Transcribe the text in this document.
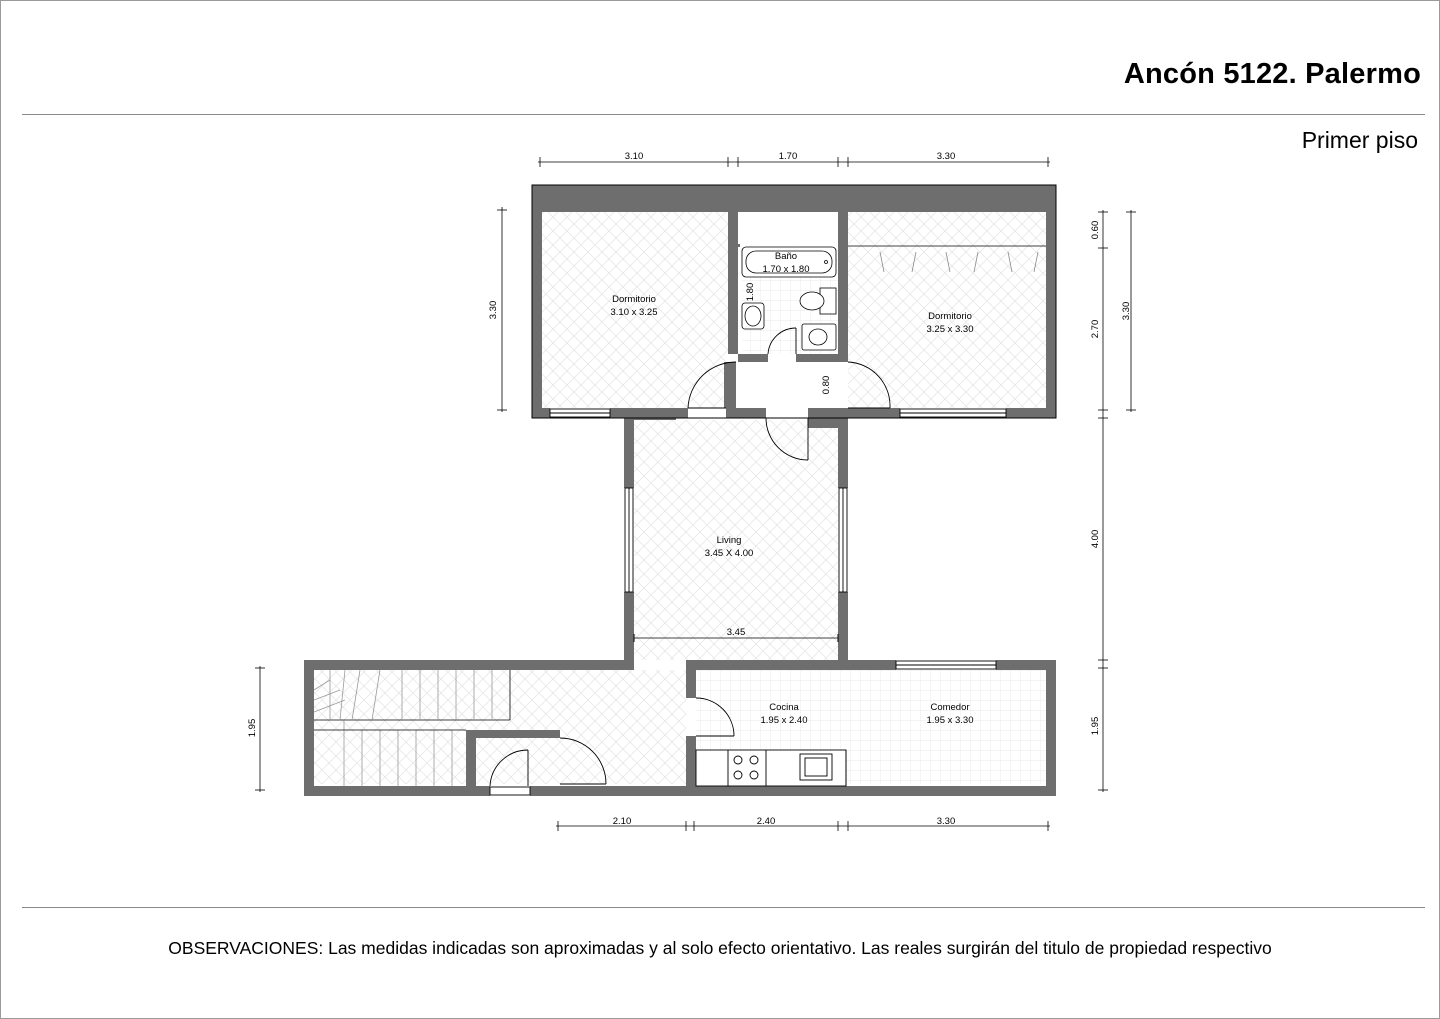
Ancón 5122. Palermo
Primer piso
OBSERVACIONES: Las medidas indicadas son aproximadas y al solo efecto orientativo. Las reales surgirán del titulo de propiedad respectivo
3.10	1.70	3.30
2.10	2.40	3.30
3.30
1.95
0.60
2.70
4.00
1.95
3.30
0.80
1.80
3.45
Dormitorio
3.10 x 3.25
Baño
1.70 x 1.80
Dormitorio
3.25 x 3.30
Living
3.45 X 4.00
Cocina
1.95 x 2.40
Comedor
1.95 x 3.30
